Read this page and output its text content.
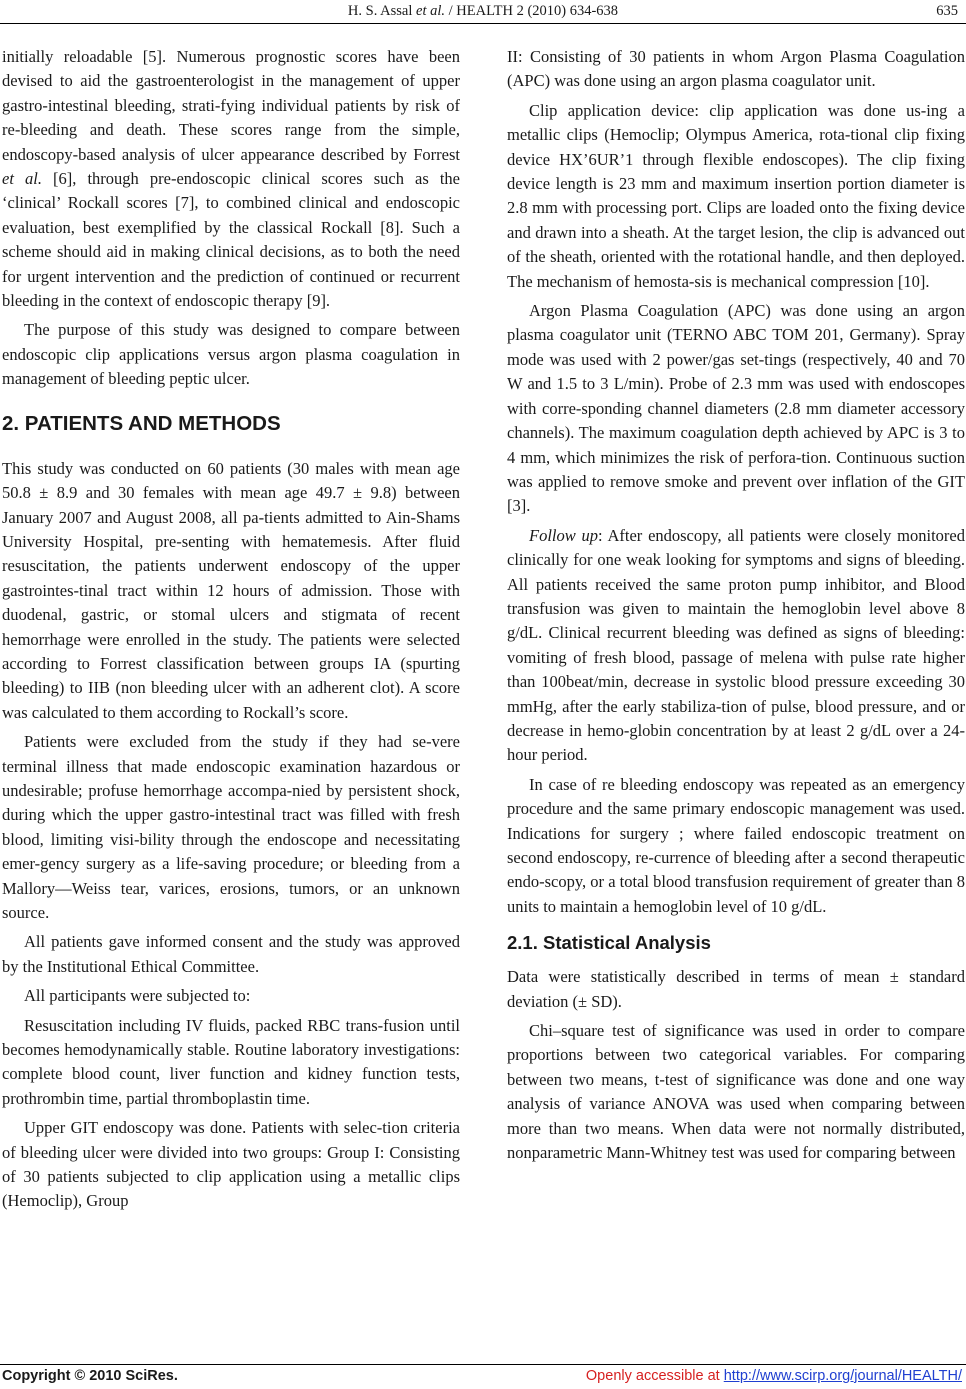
H. S. Assal et al. / HEALTH 2 (2010) 634-638	635

initially reloadable [5]. Numerous prognostic scores have been devised to aid the gastroenterologist in the management of upper gastro-intestinal bleeding, strati-fying individual patients by risk of re-bleeding and death. These scores range from the simple, endoscopy-based analysis of ulcer appearance described by Forrest et al. [6], through pre-endoscopic clinical scores such as the ‘clinical’ Rockall scores [7], to combined clinical and endoscopic evaluation, best exemplified by the classical Rockall [8]. Such a scheme should aid in making clinical decisions, as to both the need for urgent intervention and the prediction of continued or recurrent bleeding in the context of endoscopic therapy [9].

The purpose of this study was designed to compare between endoscopic clip applications versus argon plasma coagulation in management of bleeding peptic ulcer.

2. PATIENTS AND METHODS

This study was conducted on 60 patients (30 males with mean age 50.8 ± 8.9 and 30 females with mean age 49.7 ± 9.8) between January 2007 and August 2008, all pa-tients admitted to Ain-Shams University Hospital, pre-senting with hematemesis. After fluid resuscitation, the patients underwent endoscopy of the upper gastrointes-tinal tract within 12 hours of admission. Those with duodenal, gastric, or stomal ulcers and stigmata of recent hemorrhage were enrolled in the study. The patients were selected according to Forrest classification between groups IA (spurting bleeding) to IIB (non bleeding ulcer with an adherent clot). A score was calculated to them according to Rockall’s score.

Patients were excluded from the study if they had se-vere terminal illness that made endoscopic examination hazardous or undesirable; profuse hemorrhage accompa-nied by persistent shock, during which the upper gastro-intestinal tract was filled with fresh blood, limiting visi-bility through the endoscope and necessitating emer-gency surgery as a life-saving procedure; or bleeding from a Mallory—Weiss tear, varices, erosions, tumors, or an unknown source.

All patients gave informed consent and the study was approved by the Institutional Ethical Committee.

All participants were subjected to:

Resuscitation including IV fluids, packed RBC trans-fusion until becomes hemodynamically stable. Routine laboratory investigations: complete blood count, liver function and kidney function tests, prothrombin time, partial thromboplastin time.

Upper GIT endoscopy was done. Patients with selec-tion criteria of bleeding ulcer were divided into two groups: Group I: Consisting of 30 patients subjected to clip application using a metallic clips (Hemoclip), Group

II: Consisting of 30 patients in whom Argon Plasma Coagulation (APC) was done using an argon plasma coagulator unit.

Clip application device: clip application was done us-ing a metallic clips (Hemoclip; Olympus America, rota-tional clip fixing device HX’6UR’1 through flexible endoscopes). The clip fixing device length is 23 mm and maximum insertion portion diameter is 2.8 mm with processing port. Clips are loaded onto the fixing device and drawn into a sheath. At the target lesion, the clip is advanced out of the sheath, oriented with the rotational handle, and then deployed. The mechanism of hemosta-sis is mechanical compression [10].

Argon Plasma Coagulation (APC) was done using an argon plasma coagulator unit (TERNO ABC TOM 201, Germany). Spray mode was used with 2 power/gas set-tings (respectively, 40 and 70 W and 1.5 to 3 L/min). Probe of 2.3 mm was used with endoscopes with corre-sponding channel diameters (2.8 mm diameter accessory channels). The maximum coagulation depth achieved by APC is 3 to 4 mm, which minimizes the risk of perfora-tion. Continuous suction was applied to remove smoke and prevent over inflation of the GIT [3].

Follow up: After endoscopy, all patients were closely monitored clinically for one weak looking for symptoms and signs of bleeding. All patients received the same proton pump inhibitor, and Blood transfusion was given to maintain the hemoglobin level above 8 g/dL. Clinical recurrent bleeding was defined as signs of bleeding: vomiting of fresh blood, passage of melena with pulse rate higher than 100beat/min, decrease in systolic blood pressure exceeding 30 mmHg, after the early stabiliza-tion of pulse, blood pressure, and or decrease in hemo-globin concentration by at least 2 g/dL over a 24-hour period.

In case of re bleeding endoscopy was repeated as an emergency procedure and the same primary endoscopic management was used. Indications for surgery ; where failed endoscopic treatment on second endoscopy, re-currence of bleeding after a second therapeutic endo-scopy, or a total blood transfusion requirement of greater than 8 units to maintain a hemoglobin level of 10 g/dL.

2.1. Statistical Analysis

Data were statistically described in terms of mean ± standard deviation (± SD).

Chi–square test of significance was used in order to compare proportions between two categorical variables. For comparing between two means, t-test of significance was done and one way analysis of variance ANOVA was used when comparing between more than two means. When data were not normally distributed, nonparametric Mann-Whitney test was used for comparing between

Copyright © 2010 SciRes.	Openly accessible at http://www.scirp.org/journal/HEALTH/
